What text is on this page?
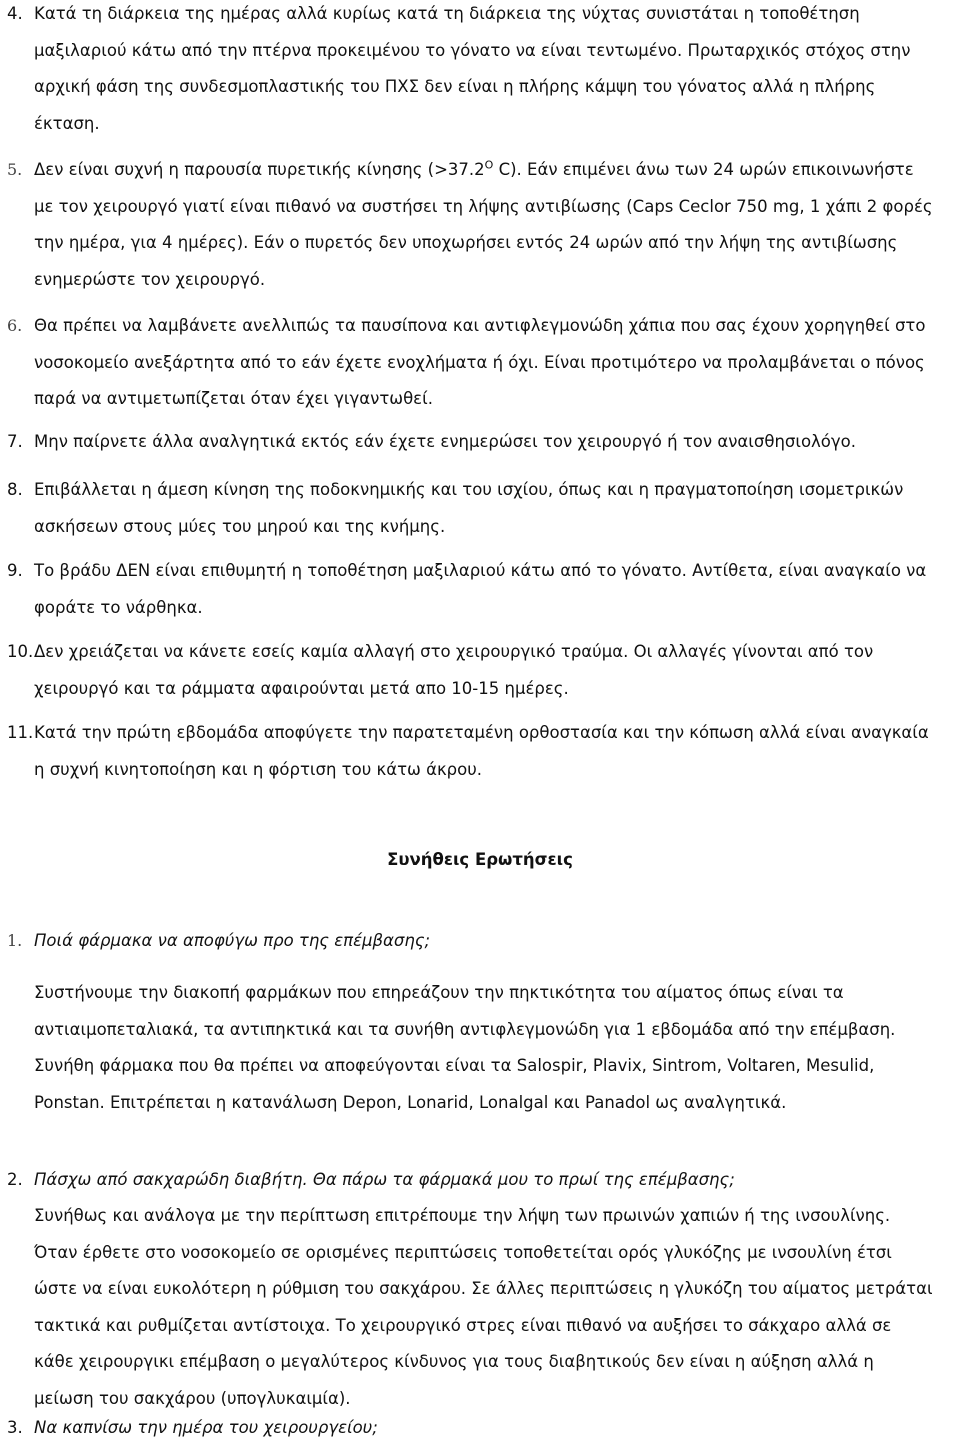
4. Κατά τη διάρκεια της ημέρας αλλά κυρίως κατά τη διάρκεια της νύχτας συνιστάται η τοποθέτηση μαξιλαριού κάτω από την πτέρνα προκειμένου το γόνατο να είναι τεντωμένο. Πρωταρχικός στόχος στην αρχική φάση της συνδεσμοπλαστικής του ΠΧΣ δεν είναι η πλήρης κάμψη του γόνατος αλλά η πλήρης έκταση.
5. Δεν είναι συχνή η παρουσία πυρετικής κίνησης ($>37.2^O$ C). Εάν επιμένει άνω των 24 ωρών επικοινωνήστε με τον χειρουργό γιατί είναι πιθανό να συστήσει τη λήψης αντιβίωσης (Caps Ceclor 750 mg, 1 χάπι 2 φορές την ημέρα, για 4 ημέρες). Εάν ο πυρετός δεν υποχωρήσει εντός 24 ωρών από την λήψη της αντιβίωσης ενημερώστε τον χειρουργό.
6. Θα πρέπει να λαμβάνετε ανελλιπώς τα παυσίπονα και αντιφλεγμονώδη χάπια που σας έχουν χορηγηθεί στο νοσοκομείο ανεξάρτητα από το εάν έχετε ενοχλήματα ή όχι. Είναι προτιμότερο να προλαμβάνεται ο πόνος παρά να αντιμετωπίζεται όταν έχει γιγαντωθεί.
7. Μην παίρνετε άλλα αναλγητικά εκτός εάν έχετε ενημερώσει τον χειρουργό ή τον αναισθησιολόγο.
8. Επιβάλλεται η άμεση κίνηση της ποδοκνημικής και του ισχίου, όπως και η πραγματοποίηση ισομετρικών ασκήσεων στους μύες του μηρού και της κνήμης.
9. Το βράδυ ΔΕΝ είναι επιθυμητή η τοποθέτηση μαξιλαριού κάτω από το γόνατο. Αντίθετα, είναι αναγκαίο να φοράτε το νάρθηκα.
10. Δεν χρειάζεται να κάνετε εσείς καμία αλλαγή στο χειρουργικό τραύμα. Οι αλλαγές γίνονται από τον χειρουργό και τα ράμματα αφαιρούνται μετά απο 10-15 ημέρες.
11. Κατά την πρώτη εβδομάδα αποφύγετε την παρατεταμένη ορθοστασία και την κόπωση αλλά είναι αναγκαία η συχνή κινητοποίηση και η φόρτιση του κάτω άκρου.
Συνήθεις Ερωτήσεις
1. Ποιά φάρμακα να αποφύγω προ της επέμβασης;
Συστήνουμε την διακοπή φαρμάκων που επηρεάζουν την πηκτικότητα του αίματος όπως είναι τα αντιαιμοπεταλιακά, τα αντιπηκτικά και τα συνήθη αντιφλεγμονώδη για 1 εβδομάδα από την επέμβαση. Συνήθη φάρμακα που θα πρέπει να αποφεύγονται είναι τα Salospir, Plavix, Sintrom, Voltaren, Mesulid, Ponstan. Επιτρέπεται η κατανάλωση Depon, Lonarid, Lonalgal και Panadol ως αναλγητικά.
2. Πάσχω από σακχαρώδη διαβήτη. Θα πάρω τα φάρμακά μου το πρωί της επέμβασης;
Συνήθως και ανάλογα με την περίπτωση επιτρέπουμε την λήψη των πρωινών χαπιών ή της ινσουλίνης. Όταν έρθετε στο νοσοκομείο σε ορισμένες περιπτώσεις τοποθετείται ορός γλυκόζης με ινσουλίνη έτσι ώστε να είναι ευκολότερη η ρύθμιση του σακχάρου. Σε άλλες περιπτώσεις η γλυκόζη του αίματος μετράται τακτικά και ρυθμίζεται αντίστοιχα. Το χειρουργικό στρες είναι πιθανό να αυξήσει το σάκχαρο αλλά σε κάθε χειρουργικι επέμβαση ο μεγαλύτερος κίνδυνος για τους διαβητικούς δεν είναι η αύξηση αλλά η μείωση του σακχάρου (υπογλυκαιμία).
3. Να καπνίσω την ημέρα του χειρουργείου;
